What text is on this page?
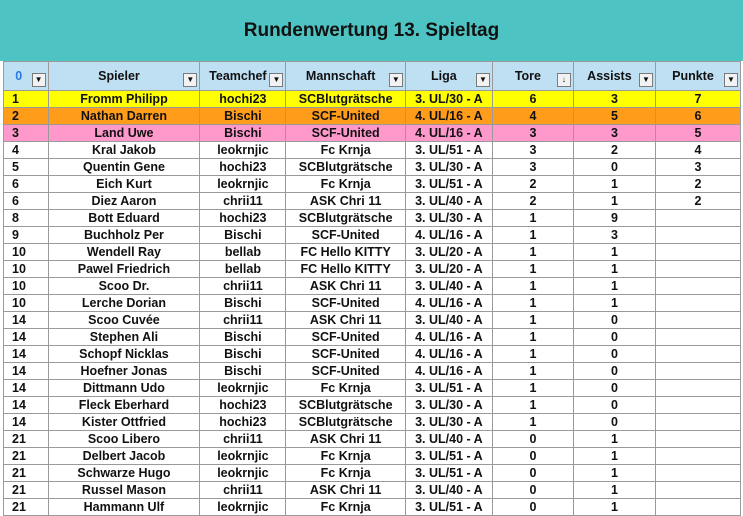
Rundenwertung 13. Spieltag
0 ▼	Spieler ▼	Teamchef ▼	Mannschaft ▼	Liga ▼	Tore ↓	Assists ▼	Punkte ▼

1	Fromm Philipp	hochi23	SCBlutgrätsche	3. UL/30 - A	6	3	7
2	Nathan Darren	Bischi	SCF-United	4. UL/16 - A	4	5	6
3	Land Uwe	Bischi	SCF-United	4. UL/16 - A	3	3	5
4	Kral Jakob	leokrnjic	Fc Krnja	3. UL/51 - A	3	2	4
5	Quentin Gene	hochi23	SCBlutgrätsche	3. UL/30 - A	3	0	3
6	Eich Kurt	leokrnjic	Fc Krnja	3. UL/51 - A	2	1	2
6	Diez Aaron	chrii11	ASK Chri 11	3. UL/40 - A	2	1	2
8	Bott Eduard	hochi23	SCBlutgrätsche	3. UL/30 - A	1	9	
9	Buchholz Per	Bischi	SCF-United	4. UL/16 - A	1	3	
10	Wendell Ray	bellab	FC Hello KITTY	3. UL/20 - A	1	1	
10	Pawel Friedrich	bellab	FC Hello KITTY	3. UL/20 - A	1	1	
10	Scoo Dr.	chrii11	ASK Chri 11	3. UL/40 - A	1	1	
10	Lerche Dorian	Bischi	SCF-United	4. UL/16 - A	1	1	
14	Scoo Cuvée	chrii11	ASK Chri 11	3. UL/40 - A	1	0	
14	Stephen Ali	Bischi	SCF-United	4. UL/16 - A	1	0	
14	Schopf Nicklas	Bischi	SCF-United	4. UL/16 - A	1	0	
14	Hoefner Jonas	Bischi	SCF-United	4. UL/16 - A	1	0	
14	Dittmann Udo	leokrnjic	Fc Krnja	3. UL/51 - A	1	0	
14	Fleck Eberhard	hochi23	SCBlutgrätsche	3. UL/30 - A	1	0	
14	Kister Ottfried	hochi23	SCBlutgrätsche	3. UL/30 - A	1	0	
21	Scoo Libero	chrii11	ASK Chri 11	3. UL/40 - A	0	1	
21	Delbert Jacob	leokrnjic	Fc Krnja	3. UL/51 - A	0	1	
21	Schwarze Hugo	leokrnjic	Fc Krnja	3. UL/51 - A	0	1	
21	Russel Mason	chrii11	ASK Chri 11	3. UL/40 - A	0	1	
21	Hammann Ulf	leokrnjic	Fc Krnja	3. UL/51 - A	0	1	
